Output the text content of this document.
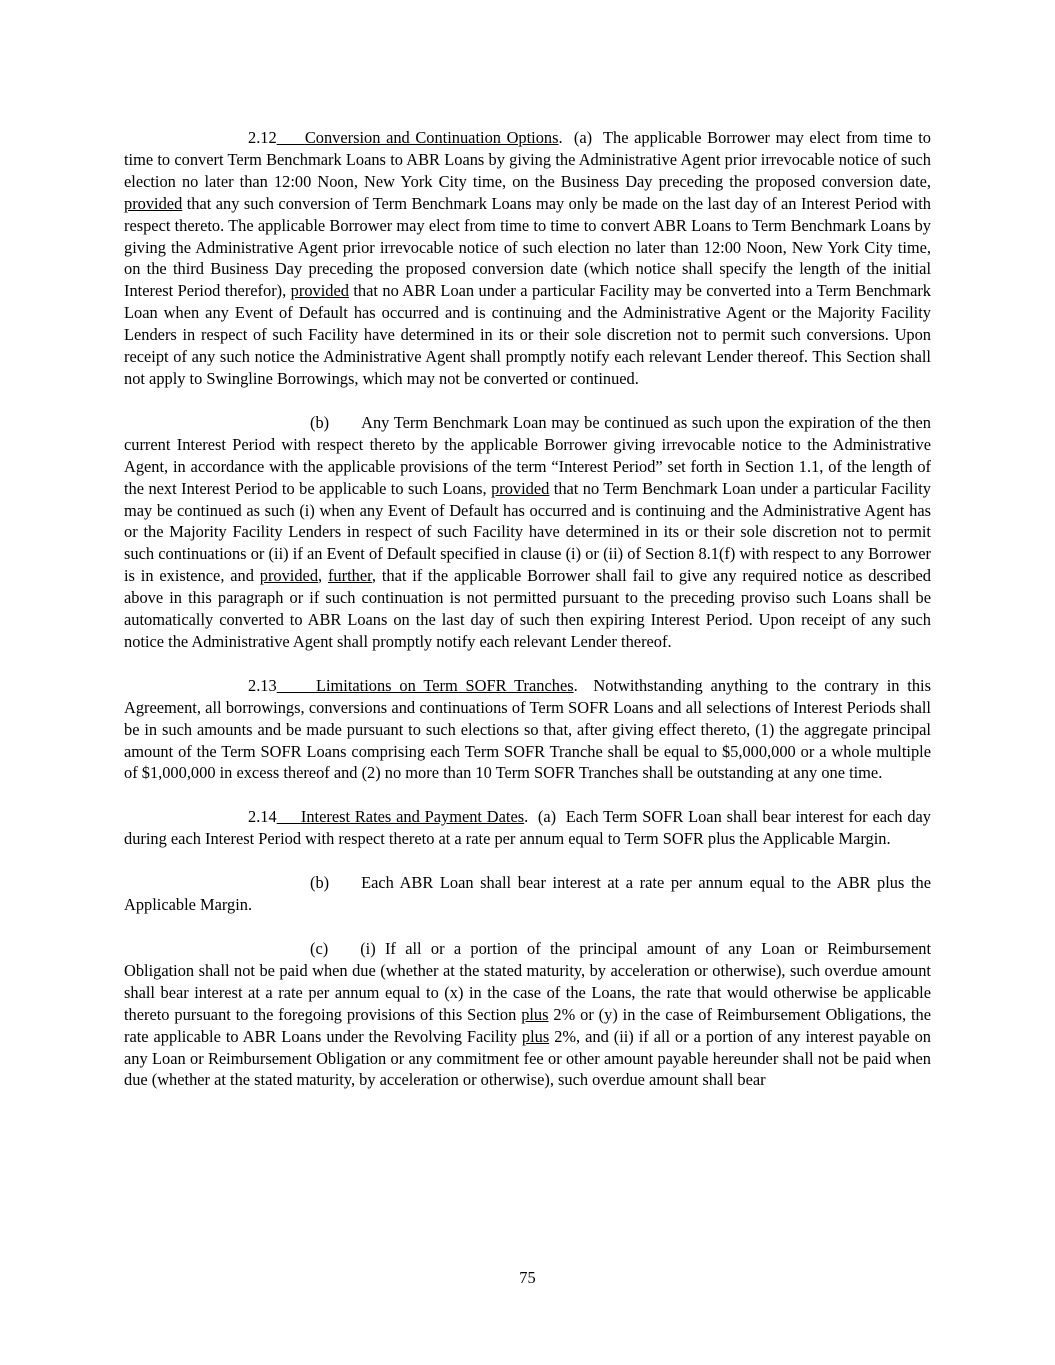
2.12 Conversion and Continuation Options.  (a) The applicable Borrower may elect from time to time to convert Term Benchmark Loans to ABR Loans by giving the Administrative Agent prior irrevocable notice of such election no later than 12:00 Noon, New York City time, on the Business Day preceding the proposed conversion date, provided that any such conversion of Term Benchmark Loans may only be made on the last day of an Interest Period with respect thereto. The applicable Borrower may elect from time to time to convert ABR Loans to Term Benchmark Loans by giving the Administrative Agent prior irrevocable notice of such election no later than 12:00 Noon, New York City time, on the third Business Day preceding the proposed conversion date (which notice shall specify the length of the initial Interest Period therefor), provided that no ABR Loan under a particular Facility may be converted into a Term Benchmark Loan when any Event of Default has occurred and is continuing and the Administrative Agent or the Majority Facility Lenders in respect of such Facility have determined in its or their sole discretion not to permit such conversions. Upon receipt of any such notice the Administrative Agent shall promptly notify each relevant Lender thereof. This Section shall not apply to Swingline Borrowings, which may not be converted or continued.

(b) Any Term Benchmark Loan may be continued as such upon the expiration of the then current Interest Period with respect thereto by the applicable Borrower giving irrevocable notice to the Administrative Agent, in accordance with the applicable provisions of the term “Interest Period” set forth in Section 1.1, of the length of the next Interest Period to be applicable to such Loans, provided that no Term Benchmark Loan under a particular Facility may be continued as such (i) when any Event of Default has occurred and is continuing and the Administrative Agent has or the Majority Facility Lenders in respect of such Facility have determined in its or their sole discretion not to permit such continuations or (ii) if an Event of Default specified in clause (i) or (ii) of Section 8.1(f) with respect to any Borrower is in existence, and provided, further, that if the applicable Borrower shall fail to give any required notice as described above in this paragraph or if such continuation is not permitted pursuant to the preceding proviso such Loans shall be automatically converted to ABR Loans on the last day of such then expiring Interest Period. Upon receipt of any such notice the Administrative Agent shall promptly notify each relevant Lender thereof.

2.13 Limitations on Term SOFR Tranches.  Notwithstanding anything to the contrary in this Agreement, all borrowings, conversions and continuations of Term SOFR Loans and all selections of Interest Periods shall be in such amounts and be made pursuant to such elections so that, after giving effect thereto, (1) the aggregate principal amount of the Term SOFR Loans comprising each Term SOFR Tranche shall be equal to $5,000,000 or a whole multiple of $1,000,000 in excess thereof and (2) no more than 10 Term SOFR Tranches shall be outstanding at any one time.

2.14 Interest Rates and Payment Dates.  (a) Each Term SOFR Loan shall bear interest for each day during each Interest Period with respect thereto at a rate per annum equal to Term SOFR plus the Applicable Margin.

(b) Each ABR Loan shall bear interest at a rate per annum equal to the ABR plus the Applicable Margin.

(c) (i) If all or a portion of the principal amount of any Loan or Reimbursement Obligation shall not be paid when due (whether at the stated maturity, by acceleration or otherwise), such overdue amount shall bear interest at a rate per annum equal to (x) in the case of the Loans, the rate that would otherwise be applicable thereto pursuant to the foregoing provisions of this Section plus 2% or (y) in the case of Reimbursement Obligations, the rate applicable to ABR Loans under the Revolving Facility plus 2%, and (ii) if all or a portion of any interest payable on any Loan or Reimbursement Obligation or any commitment fee or other amount payable hereunder shall not be paid when due (whether at the stated maturity, by acceleration or otherwise), such overdue amount shall bear

75
